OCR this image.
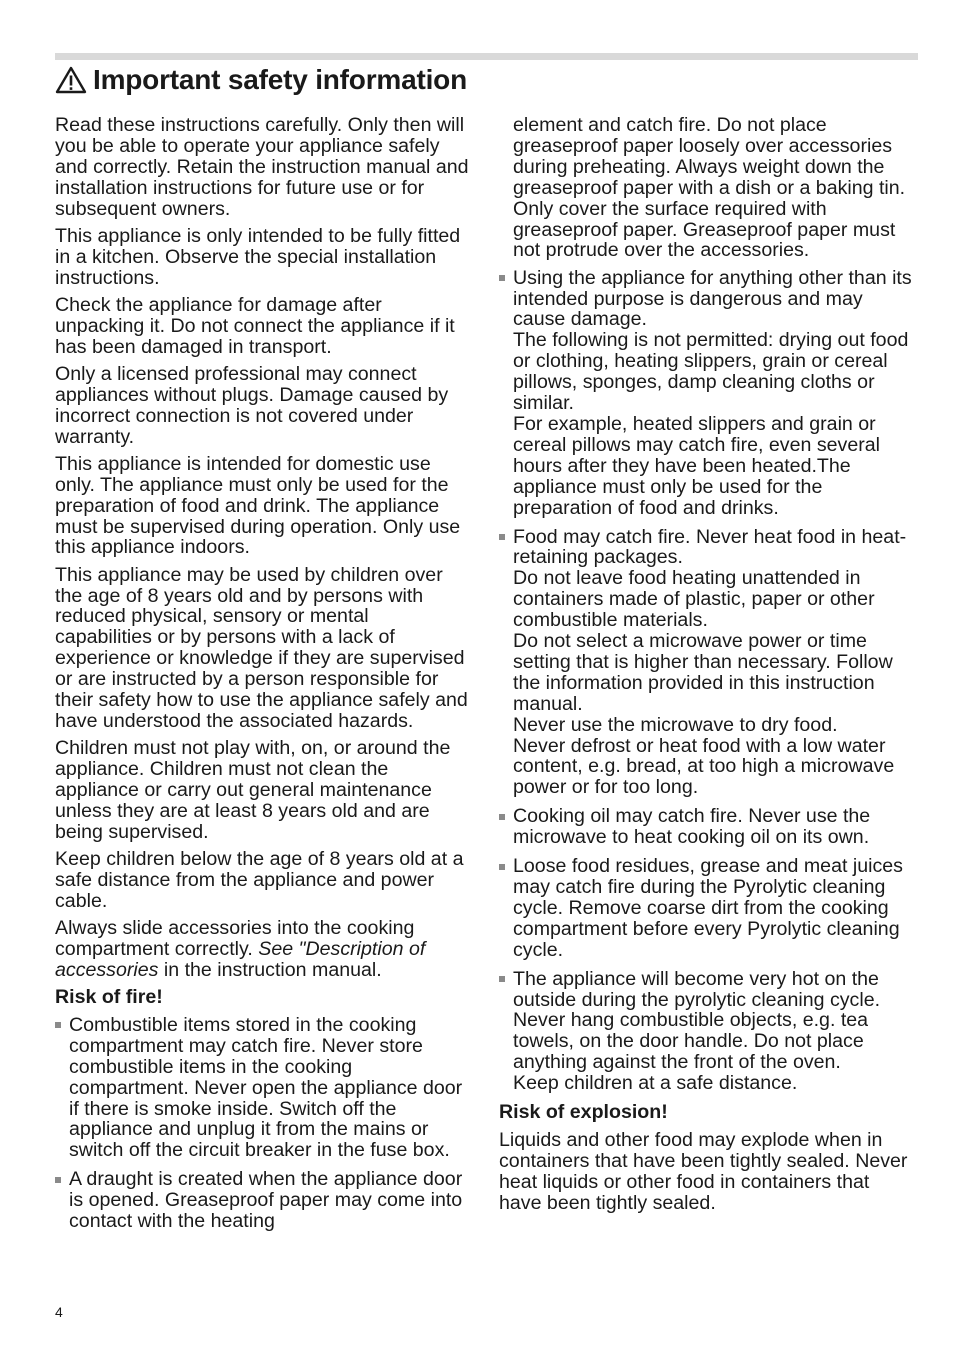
Important safety information

Read these instructions carefully. Only then will you be able to operate your appliance safely and correctly. Retain the instruction manual and installation instructions for future use or for subsequent owners.

This appliance is only intended to be fully fitted in a kitchen. Observe the special installation instructions.

Check the appliance for damage after unpacking it. Do not connect the appliance if it has been damaged in transport.

Only a licensed professional may connect appliances without plugs. Damage caused by incorrect connection is not covered under warranty.

This appliance is intended for domestic use only. The appliance must only be used for the preparation of food and drink. The appliance must be supervised during operation. Only use this appliance indoors.

This appliance may be used by children over the age of 8 years old and by persons with reduced physical, sensory or mental capabilities or by persons with a lack of experience or knowledge if they are supervised or are instructed by a person responsible for their safety how to use the appliance safely and have understood the associated hazards.

Children must not play with, on, or around the appliance. Children must not clean the appliance or carry out general maintenance unless they are at least 8 years old and are being supervised.

Keep children below the age of 8 years old at a safe distance from the appliance and power cable.

Always slide accessories into the cooking compartment correctly. See "Description of accessories in the instruction manual.

Risk of fire!
Combustible items stored in the cooking compartment may catch fire. Never store combustible items in the cooking compartment. Never open the appliance door if there is smoke inside. Switch off the appliance and unplug it from the mains or switch off the circuit breaker in the fuse box.
A draught is created when the appliance door is opened. Greaseproof paper may come into contact with the heating

element and catch fire. Do not place greaseproof paper loosely over accessories during preheating. Always weight down the greaseproof paper with a dish or a baking tin. Only cover the surface required with greaseproof paper. Greaseproof paper must not protrude over the accessories.

Using the appliance for anything other than its intended purpose is dangerous and may cause damage.
The following is not permitted: drying out food or clothing, heating slippers, grain or cereal pillows, sponges, damp cleaning cloths or similar.
For example, heated slippers and grain or cereal pillows may catch fire, even several hours after they have been heated.The appliance must only be used for the preparation of food and drinks.
Food may catch fire. Never heat food in heat-retaining packages.
Do not leave food heating unattended in containers made of plastic, paper or other combustible materials.
Do not select a microwave power or time setting that is higher than necessary. Follow the information provided in this instruction manual.
Never use the microwave to dry food.
Never defrost or heat food with a low water content, e.g. bread, at too high a microwave power or for too long.
Cooking oil may catch fire. Never use the microwave to heat cooking oil on its own.
Loose food residues, grease and meat juices may catch fire during the Pyrolytic cleaning cycle. Remove coarse dirt from the cooking compartment before every Pyrolytic cleaning cycle.
The appliance will become very hot on the outside during the pyrolytic cleaning cycle.
Never hang combustible objects, e.g. tea towels, on the door handle. Do not place anything against the front of the oven.
Keep children at a safe distance.
Risk of explosion!

Liquids and other food may explode when in containers that have been tightly sealed. Never heat liquids or other food in containers that have been tightly sealed.

4
